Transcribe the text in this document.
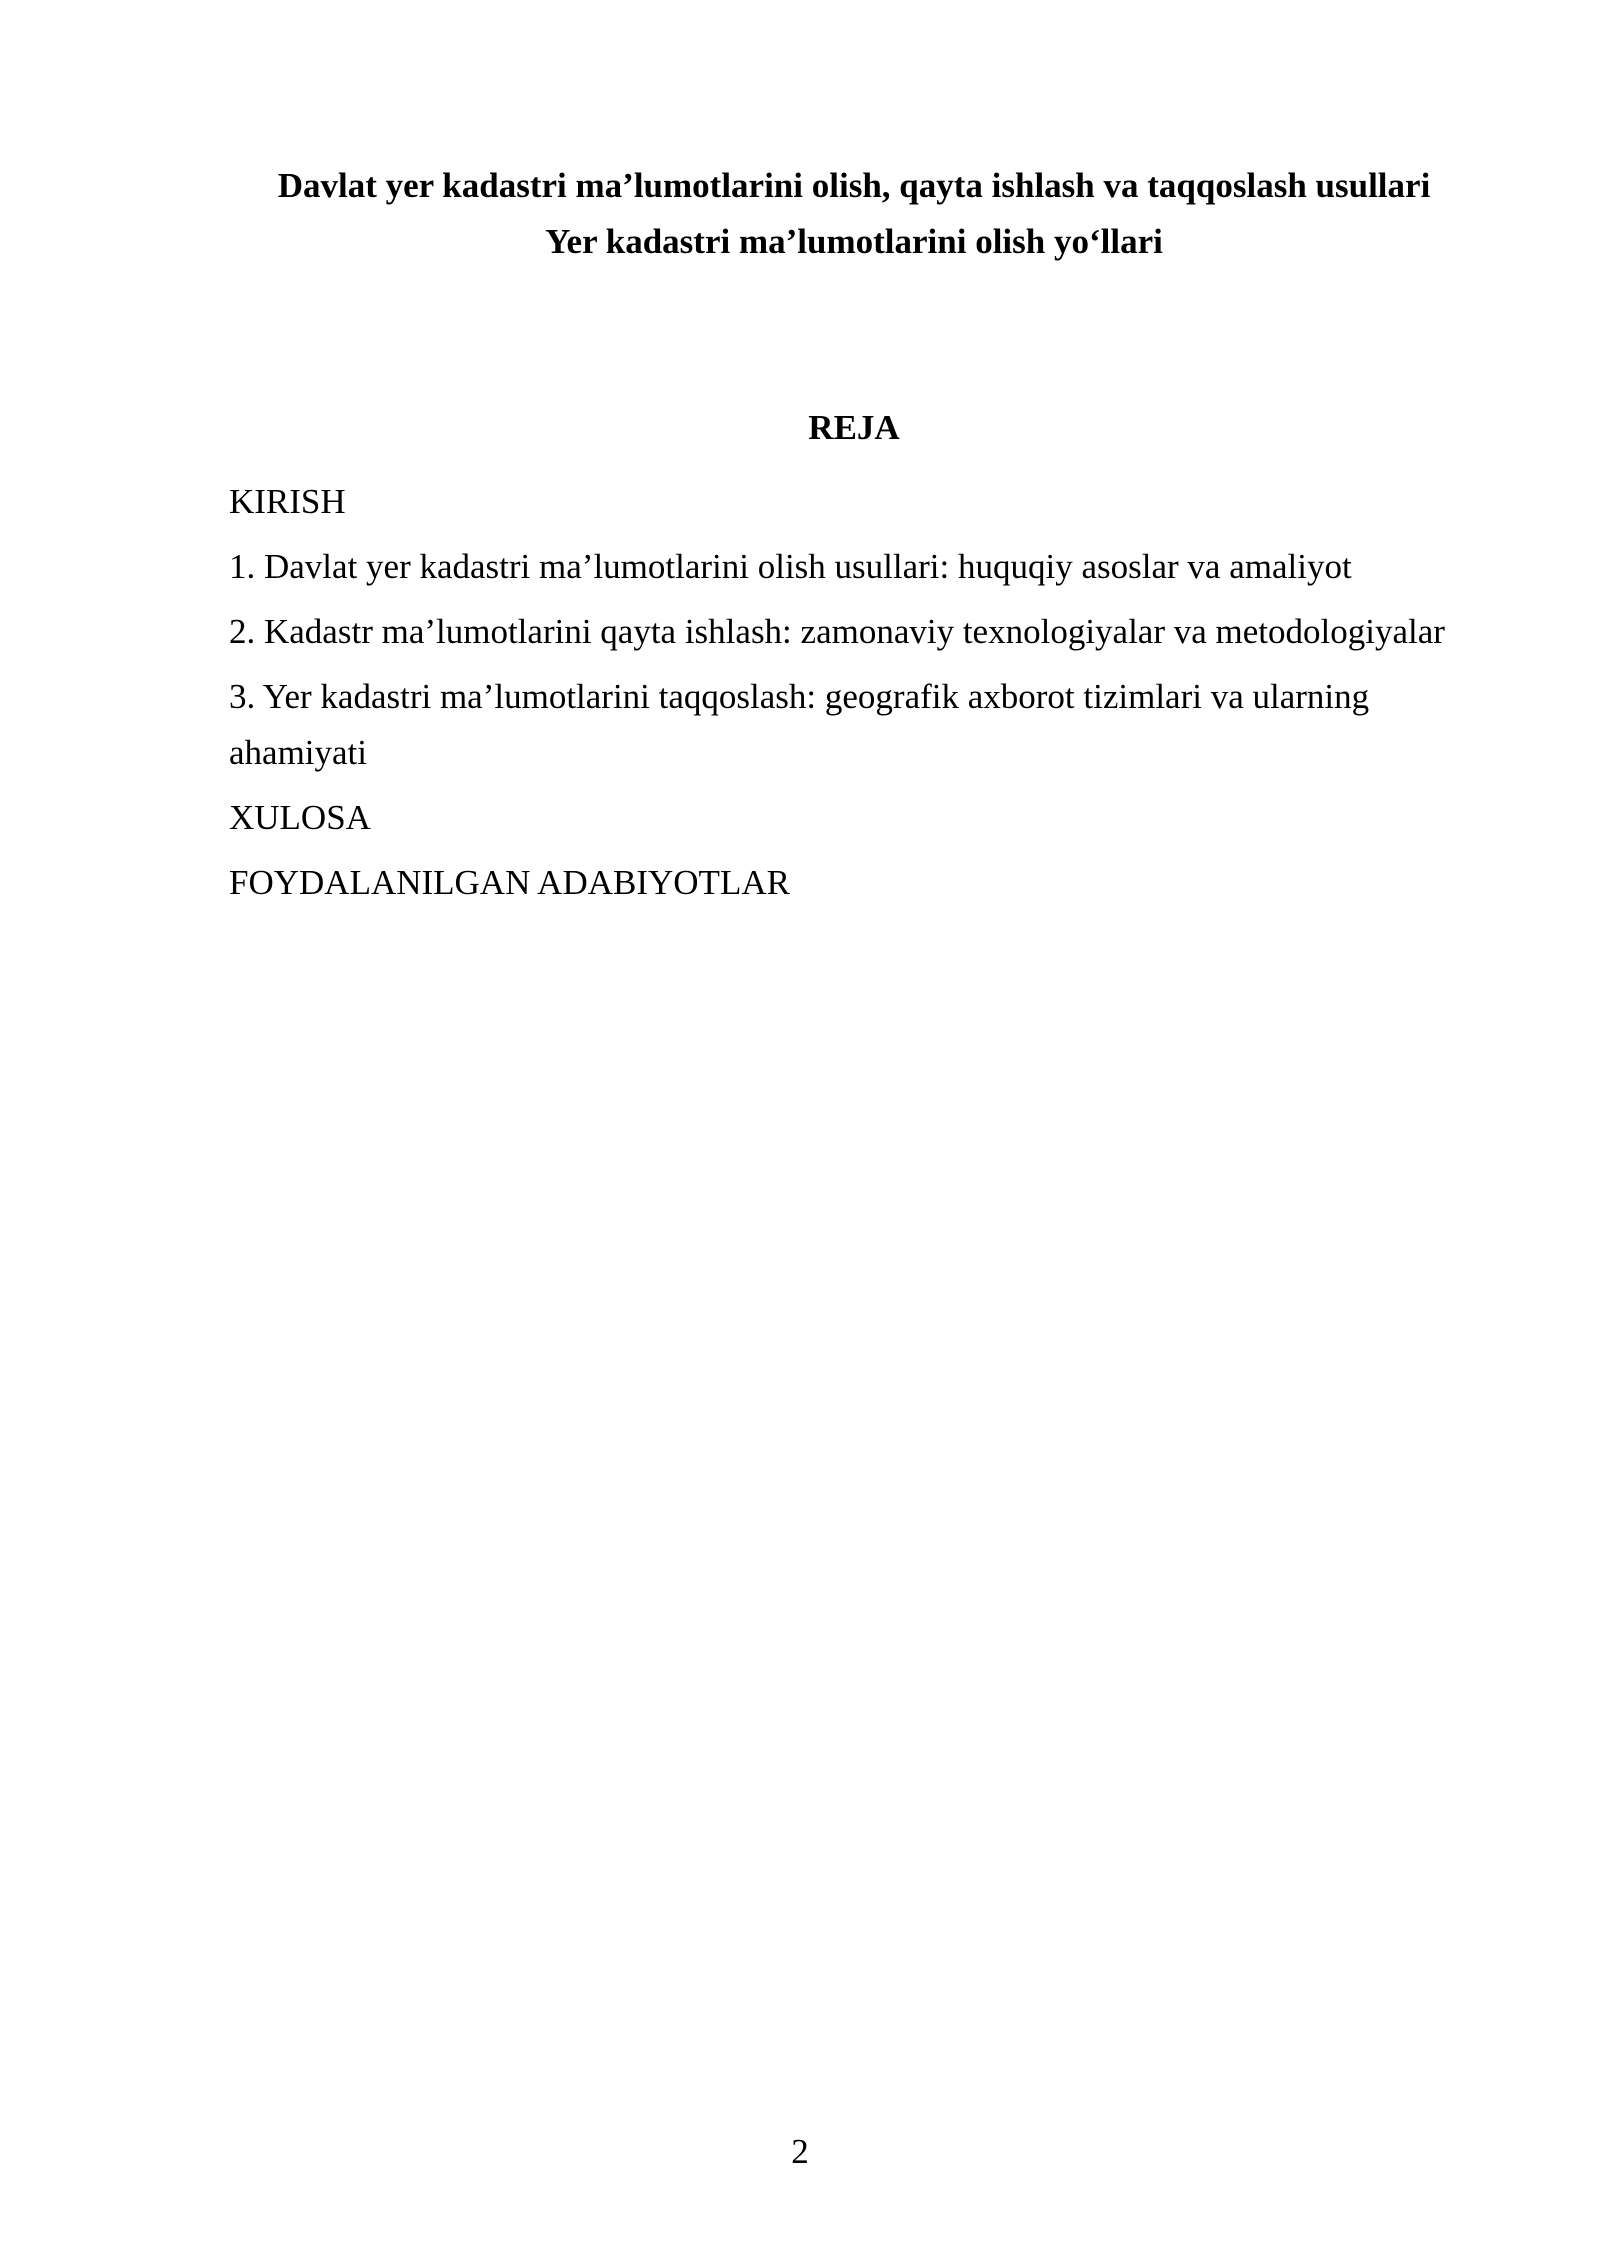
Davlat yer kadastri ma’lumotlarini olish, qayta ishlash va taqqoslash usullari
Yer kadastri ma’lumotlarini olish yo‘llari
REJA
KIRISH
1. Davlat yer kadastri ma’lumotlarini olish usullari: huquqiy asoslar va amaliyot
2. Kadastr ma’lumotlarini qayta ishlash: zamonaviy texnologiyalar va metodologiyalar
3. Yer kadastri ma’lumotlarini taqqoslash: geografik axborot tizimlari va ularning ahamiyati
XULOSA
FOYDALANILGAN ADABIYOTLAR
2
